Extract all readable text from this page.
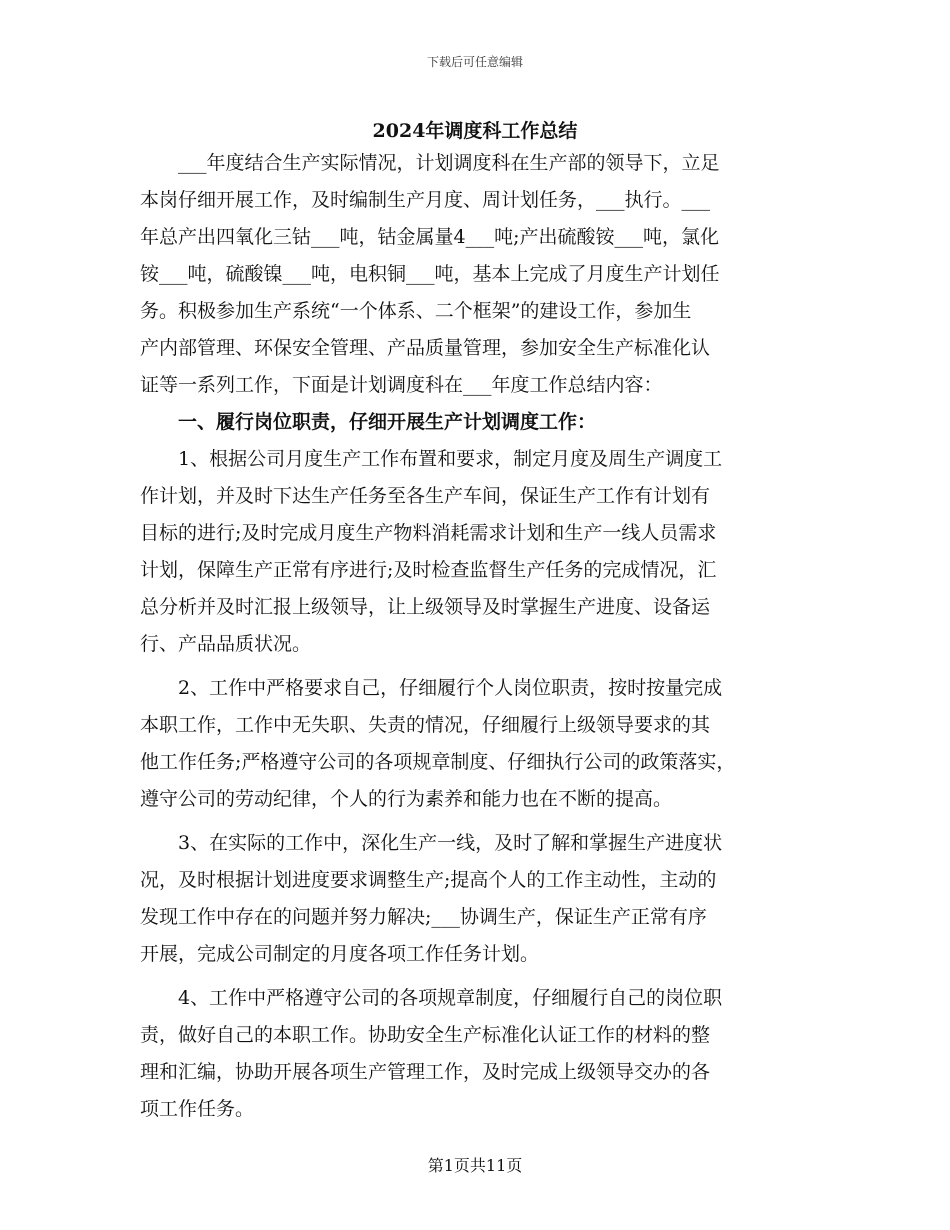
下载后可任意编辑
2024年调度科工作总结
　　___年度结合生产实际情况，计划调度科在生产部的领导下，立足
本岗仔细开展工作，及时编制生产月度、周计划任务，___执行。___
年总产出四氧化三钴___吨，钴金属量4___吨;产出硫酸铵___吨，氯化
铵___吨，硫酸镍___吨，电积铜___吨，基本上完成了月度生产计划任
务。积极参加生产系统“一个体系、二个框架”的建设工作，参加生
产内部管理、环保安全管理、产品质量管理，参加安全生产标准化认
证等一系列工作，下面是计划调度科在___年度工作总结内容：
　　一、履行岗位职责，仔细开展生产计划调度工作：
　　1、根据公司月度生产工作布置和要求，制定月度及周生产调度工
作计划，并及时下达生产任务至各生产车间，保证生产工作有计划有
目标的进行;及时完成月度生产物料消耗需求计划和生产一线人员需求
计划，保障生产正常有序进行;及时检查监督生产任务的完成情况，汇
总分析并及时汇报上级领导，让上级领导及时掌握生产进度、设备运
行、产品品质状况。
　　2、工作中严格要求自己，仔细履行个人岗位职责，按时按量完成
本职工作，工作中无失职、失责的情况，仔细履行上级领导要求的其
他工作任务;严格遵守公司的各项规章制度、仔细执行公司的政策落实，
遵守公司的劳动纪律，个人的行为素养和能力也在不断的提高。
　　3、在实际的工作中，深化生产一线，及时了解和掌握生产进度状
况，及时根据计划进度要求调整生产;提高个人的工作主动性，主动的
发现工作中存在的问题并努力解决;___协调生产，保证生产正常有序
开展，完成公司制定的月度各项工作任务计划。
　　4、工作中严格遵守公司的各项规章制度，仔细履行自己的岗位职
责，做好自己的本职工作。协助安全生产标准化认证工作的材料的整
理和汇编，协助开展各项生产管理工作，及时完成上级领导交办的各
项工作任务。
第1页共11页
